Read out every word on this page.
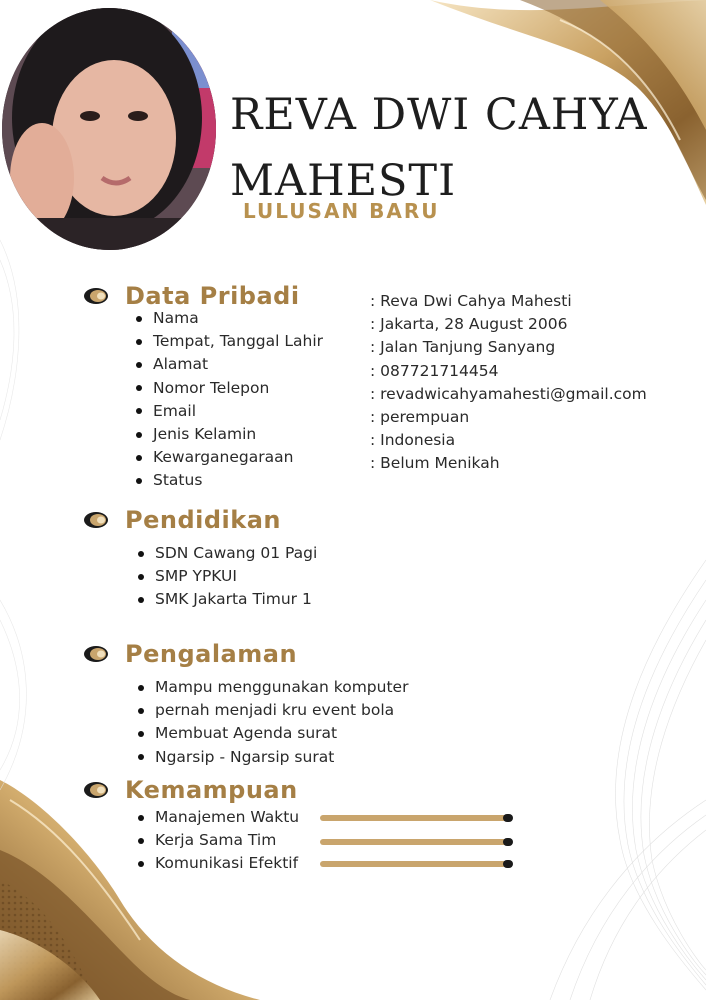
REVA DWI CAHYA MAHESTI
LULUSAN BARU
Data Pribadi
Nama
Tempat, Tanggal Lahir
Alamat
Nomor Telepon
Email
Jenis Kelamin
Kewarganegaraan
Status
: Reva Dwi Cahya Mahesti
: Jakarta, 28 August 2006
: Jalan Tanjung Sanyang
: 087721714454
: revadwicahyamahesti@gmail.com
: perempuan
: Indonesia
: Belum Menikah
Pendidikan
SDN Cawang 01 Pagi
SMP YPKUI
SMK Jakarta Timur 1
Pengalaman
Mampu menggunakan komputer
pernah menjadi kru event bola
Membuat Agenda surat
Ngarsip - Ngarsip surat
Kemampuan
Manajemen Waktu
Kerja Sama Tim
Komunikasi Efektif
